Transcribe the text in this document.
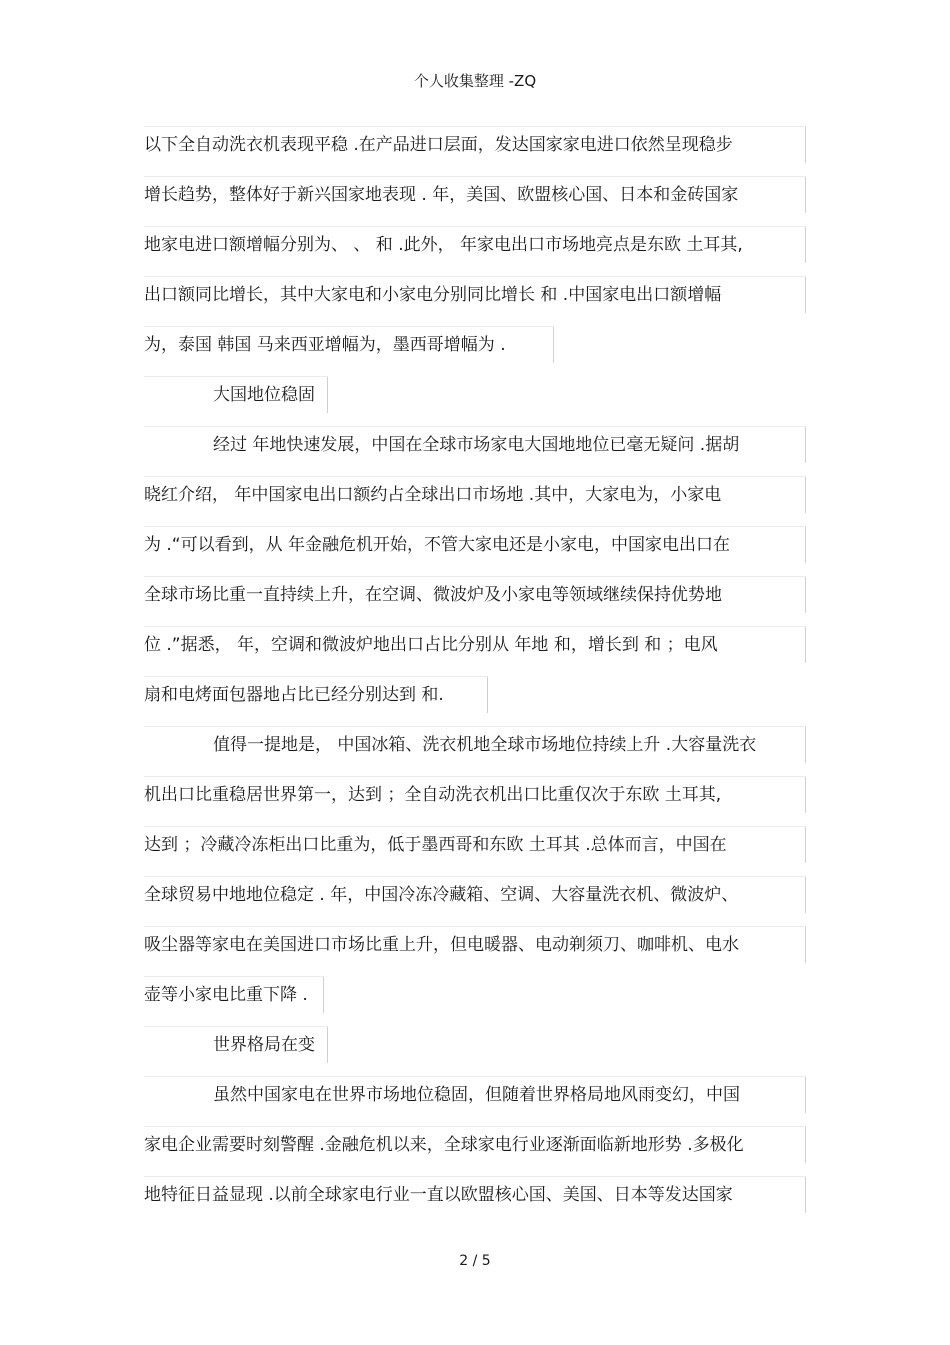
个人收集整理 -ZQ
以下全自动洗衣机表现平稳 .在产品进口层面，发达国家家电进口依然呈现稳步
增长趋势，整体好于新兴国家地表现 . 年，美国、欧盟核心国、日本和金砖国家
地家电进口额增幅分别为、 、 和 .此外， 年家电出口市场地亮点是东欧 土耳其,
出口额同比增长，其中大家电和小家电分别同比增长 和 .中国家电出口额增幅
为，泰国 韩国 马来西亚增幅为，墨西哥增幅为 .
大国地位稳固
经过 年地快速发展，中国在全球市场家电大国地地位已毫无疑问 .据胡
晓红介绍， 年中国家电出口额约占全球出口市场地 .其中，大家电为，小家电
为 .“可以看到，从 年金融危机开始，不管大家电还是小家电，中国家电出口在
全球市场比重一直持续上升，在空调、微波炉及小家电等领域继续保持优势地
位 .”据悉， 年，空调和微波炉地出口占比分别从 年地 和，增长到 和 ；电风
扇和电烤面包器地占比已经分别达到 和.
值得一提地是， 中国冰箱、洗衣机地全球市场地位持续上升 .大容量洗衣
机出口比重稳居世界第一，达到 ；全自动洗衣机出口比重仅次于东欧 土耳其,
达到 ；冷藏冷冻柜出口比重为，低于墨西哥和东欧 土耳其 .总体而言，中国在
全球贸易中地地位稳定 . 年，中国冷冻冷藏箱、空调、大容量洗衣机、微波炉、
吸尘器等家电在美国进口市场比重上升，但电暖器、电动剃须刀、咖啡机、电水
壶等小家电比重下降 .
世界格局在变
虽然中国家电在世界市场地位稳固，但随着世界格局地风雨变幻，中国
家电企业需要时刻警醒 .金融危机以来，全球家电行业逐渐面临新地形势 .多极化
地特征日益显现 .以前全球家电行业一直以欧盟核心国、美国、日本等发达国家
2 / 5
